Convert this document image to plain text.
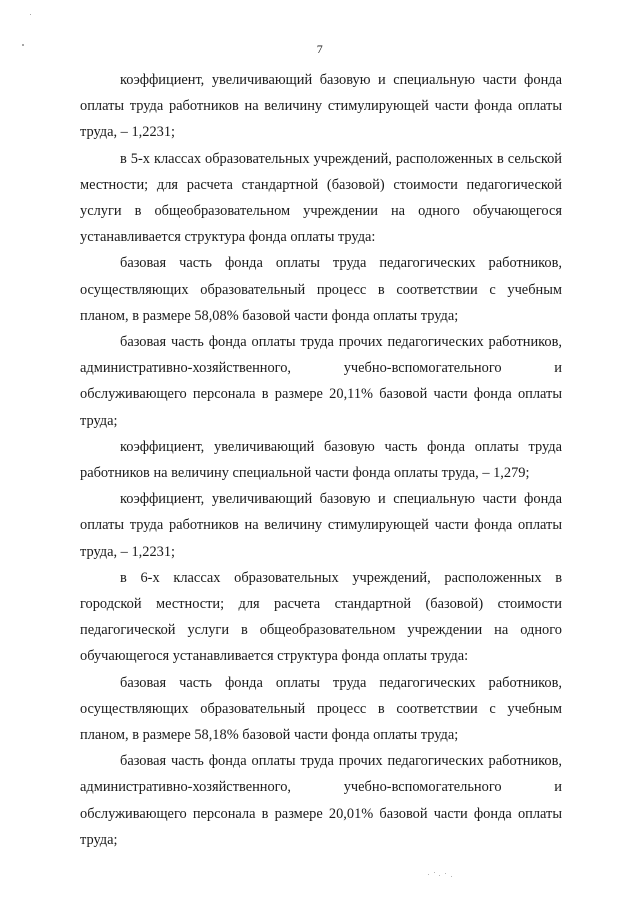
7

коэффициент, увеличивающий базовую и специальную части фонда оплаты труда работников на величину стимулирующей части фонда оплаты труда, – 1,2231;

в 5-х классах образовательных учреждений, расположенных в сельской местности; для расчета стандартной (базовой) стоимости педагогической услуги в общеобразовательном учреждении на одного обучающегося устанавливается структура фонда оплаты труда:

базовая часть фонда оплаты труда педагогических работников, осуществляющих образовательный процесс в соответствии с учебным планом, в размере 58,08% базовой части фонда оплаты труда;

базовая часть фонда оплаты труда прочих педагогических работников, административно-хозяйственного, учебно-вспомогательного и обслуживающего персонала в размере 20,11% базовой части фонда оплаты труда;

коэффициент, увеличивающий базовую часть фонда оплаты труда работников на величину специальной части фонда оплаты труда, – 1,279;

коэффициент, увеличивающий базовую и специальную части фонда оплаты труда работников на величину стимулирующей части фонда оплаты труда, – 1,2231;

в 6-х классах образовательных учреждений, расположенных в городской местности; для расчета стандартной (базовой) стоимости педагогической услуги в общеобразовательном учреждении на одного обучающегося устанавливается структура фонда оплаты труда:

базовая часть фонда оплаты труда педагогических работников, осуществляющих образовательный процесс в соответствии с учебным планом, в размере 58,18% базовой части фонда оплаты труда;

базовая часть фонда оплаты труда прочих педагогических работников, административно-хозяйственного, учебно-вспомогательного и обслуживающего персонала в размере 20,01% базовой части фонда оплаты труда;
